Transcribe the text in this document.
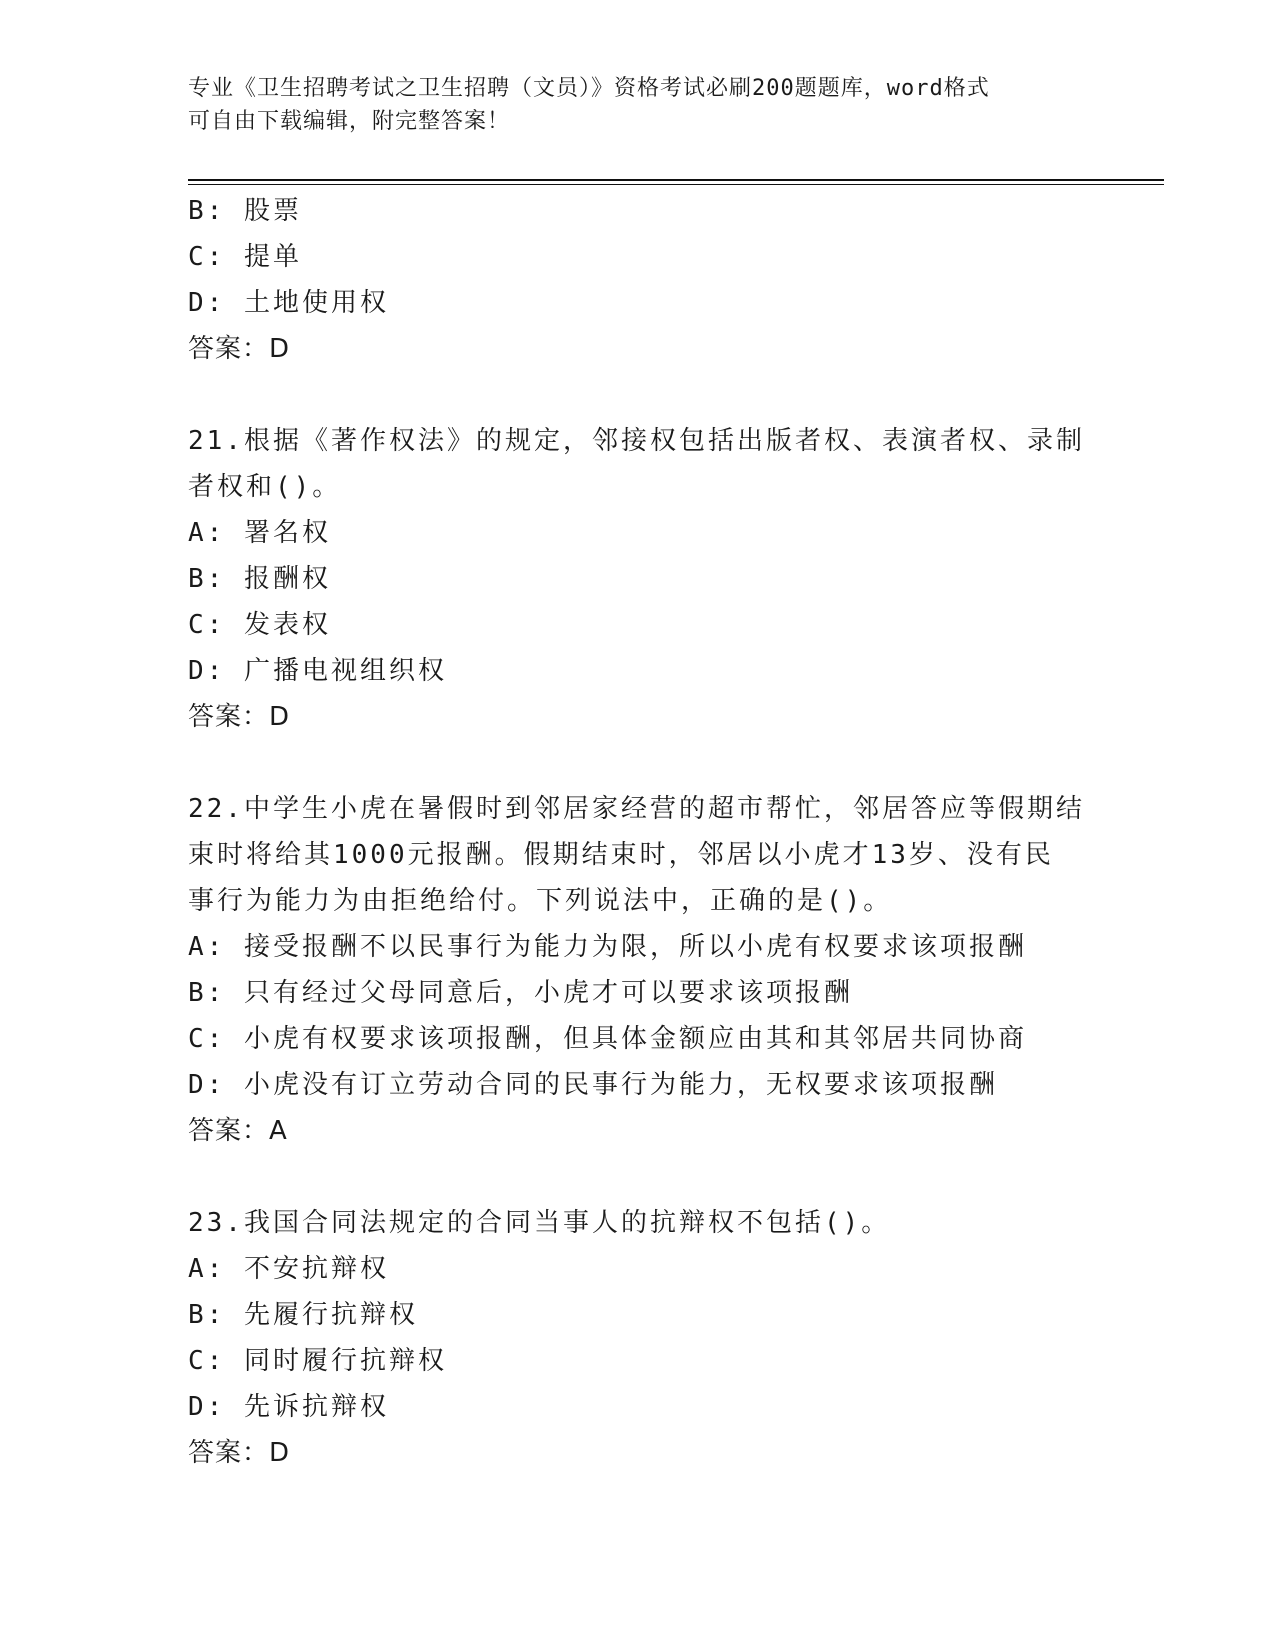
专业《卫生招聘考试之卫生招聘（文员）》资格考试必刷200题题库，word格式
可自由下载编辑，附完整答案！
B: 股票
C: 提单
D: 土地使用权
答案：D
21.根据《著作权法》的规定，邻接权包括出版者权、表演者权、录制
者权和()。
A: 署名权
B: 报酬权
C: 发表权
D: 广播电视组织权
答案：D
22.中学生小虎在暑假时到邻居家经营的超市帮忙，邻居答应等假期结
束时将给其1000元报酬。假期结束时，邻居以小虎才13岁、没有民
事行为能力为由拒绝给付。下列说法中，正确的是()。
A: 接受报酬不以民事行为能力为限，所以小虎有权要求该项报酬
B: 只有经过父母同意后，小虎才可以要求该项报酬
C: 小虎有权要求该项报酬，但具体金额应由其和其邻居共同协商
D: 小虎没有订立劳动合同的民事行为能力，无权要求该项报酬
答案：A
23.我国合同法规定的合同当事人的抗辩权不包括()。
A: 不安抗辩权
B: 先履行抗辩权
C: 同时履行抗辩权
D: 先诉抗辩权
答案：D
